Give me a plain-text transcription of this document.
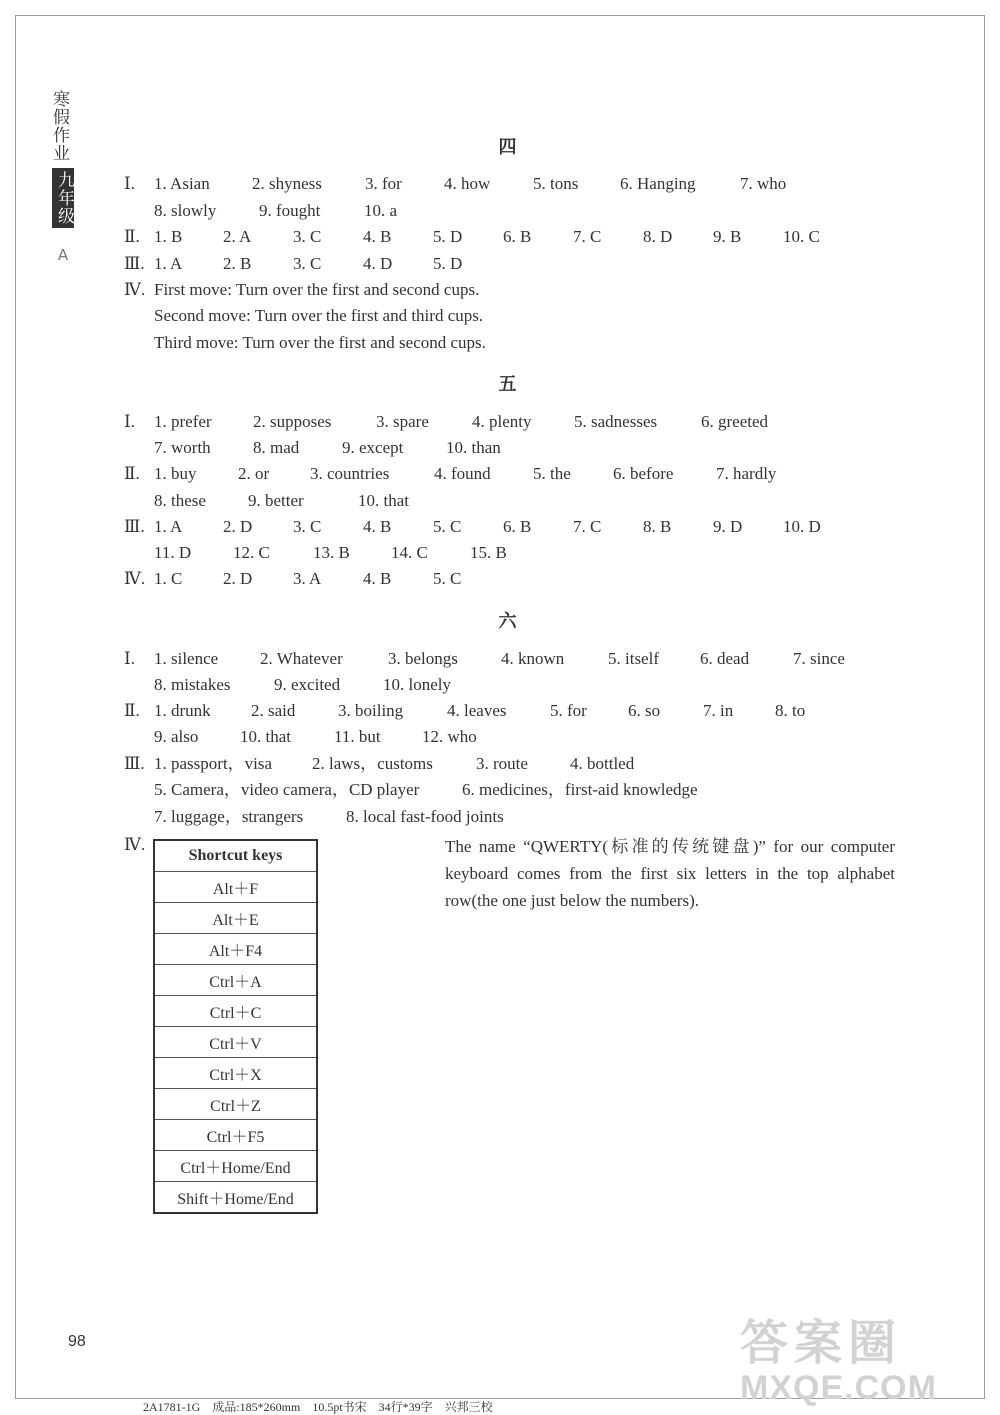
寒假作业
九年级
A
四
Ⅰ. 1. Asian 2. shyness	3. for 4. how	5. tons 6. Hanging	7. who
8. slowly	9. fought	10. a
Ⅱ. 1. B 2. A 3. C 4. B 5. D 6. B 7. C 8. D 9. B 10. C
Ⅲ. 1. A 2. B 3. C 4. D 5. D
Ⅳ. First move: Turn over the first and second cups.
Second move: Turn over the first and third cups.
Third move: Turn over the first and second cups.
五
Ⅰ. 1. prefer 2. supposes	3. spare	4. plenty	5. sadnesses	6. greeted
7. worth 8. mad	9. except	10. than
Ⅱ. 1. buy 2. or 3. countries	4. found 5. the 6. before	7. hardly
8. these 9. better	10. that
Ⅲ. 1. A 2. D 3. C 4. B 5. C 6. B 7. C 8. B 9. D 10. D
11. D 12. C	13. B 14. C 15. B
Ⅳ. 1. C 2. D 3. A 4. B 5. C
六
Ⅰ. 1. silence 2. Whatever	3. belongs	4. known	5. itself 6. dead	7. since
8. mistakes	9. excited	10. lonely
Ⅱ. 1. drunk 2. said	3. boiling	4. leaves	5. for 6. so	7. in 8. to
9. also 10. that	11. but 12. who
Ⅲ. 1. passport，visa 2. laws，customs	3. route 4. bottled
5. Camera，video camera，CD player	6. medicines，first-aid knowledge
7. luggage，strangers	8. local fast-food joints
Ⅳ.
Shortcut keys
Alt＋F
Alt＋E
Alt＋F4
Ctrl＋A
Ctrl＋C
Ctrl＋V
Ctrl＋X
Ctrl＋Z
Ctrl＋F5
Ctrl＋Home/End
Shift＋Home/End
The name “QWERTY(标准的传统键盘)” for our computer keyboard comes from the first six letters in the top alphabet row(the one just below the numbers).
98
2A1781-1G　成品:185*260mm　10.5pt书宋　34行*39字　兴邦三校
答案圈
MXQE.COM
